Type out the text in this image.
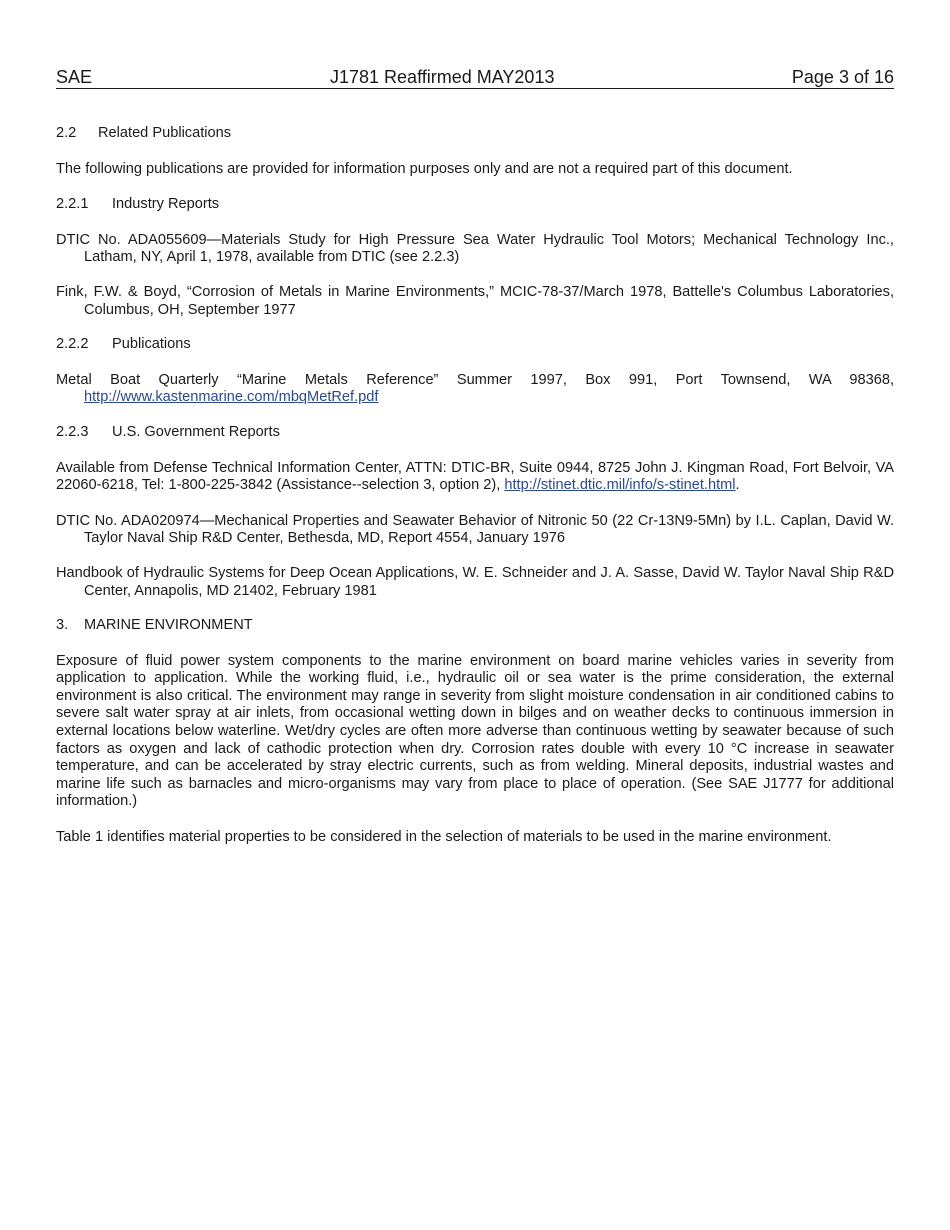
SAE	J1781 Reaffirmed MAY2013	Page 3 of 16
2.2 Related Publications

The following publications are provided for information purposes only and are not a required part of this document.

2.2.1 Industry Reports

DTIC No. ADA055609—Materials Study for High Pressure Sea Water Hydraulic Tool Motors; Mechanical Technology Inc., Latham, NY, April 1, 1978, available from DTIC (see 2.2.3)

Fink, F.W. & Boyd, “Corrosion of Metals in Marine Environments,” MCIC-78-37/March 1978, Battelle's Columbus Laboratories, Columbus, OH, September 1977

2.2.2 Publications

Metal Boat Quarterly “Marine Metals Reference” Summer 1997, Box 991, Port Townsend, WA 98368, http://www.kastenmarine.com/mbqMetRef.pdf

2.2.3 U.S. Government Reports

Available from Defense Technical Information Center, ATTN: DTIC-BR, Suite 0944, 8725 John J. Kingman Road, Fort Belvoir, VA 22060-6218, Tel: 1-800-225-3842 (Assistance--selection 3, option 2), http://stinet.dtic.mil/info/s-stinet.html.

DTIC No. ADA020974—Mechanical Properties and Seawater Behavior of Nitronic 50 (22 Cr-13N9-5Mn) by I.L. Caplan, David W. Taylor Naval Ship R&D Center, Bethesda, MD, Report 4554, January 1976

Handbook of Hydraulic Systems for Deep Ocean Applications, W. E. Schneider and J. A. Sasse, David W. Taylor Naval Ship R&D Center, Annapolis, MD 21402, February 1981

3. MARINE ENVIRONMENT

Exposure of fluid power system components to the marine environment on board marine vehicles varies in severity from application to application. While the working fluid, i.e., hydraulic oil or sea water is the prime consideration, the external environment is also critical. The environment may range in severity from slight moisture condensation in air conditioned cabins to severe salt water spray at air inlets, from occasional wetting down in bilges and on weather decks to continuous immersion in external locations below waterline. Wet/dry cycles are often more adverse than continuous wetting by seawater because of such factors as oxygen and lack of cathodic protection when dry. Corrosion rates double with every 10 °C increase in seawater temperature, and can be accelerated by stray electric currents, such as from welding. Mineral deposits, industrial wastes and marine life such as barnacles and micro-organisms may vary from place to place of operation. (See SAE J1777 for additional information.)

Table 1 identifies material properties to be considered in the selection of materials to be used in the marine environment.
